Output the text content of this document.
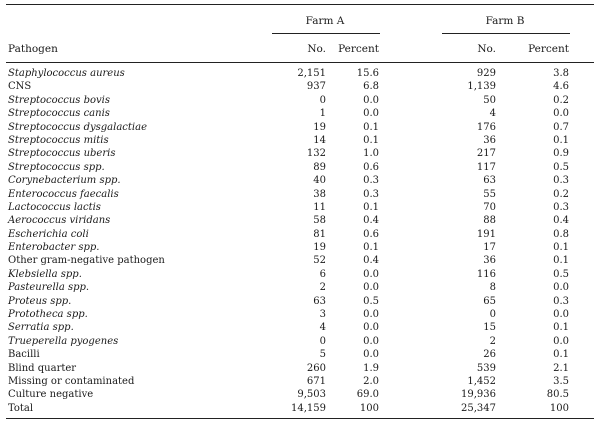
Farm A	Farm B
Pathogen	No.	Percent	No.	Percent
Staphylococcus aureus	2,151	15.6	929	3.8
CNS	937	6.8	1,139	4.6
Streptococcus bovis	0	0.0	50	0.2
Streptococcus canis	1	0.0	4	0.0
Streptococcus dysgalactiae	19	0.1	176	0.7
Streptococcus mitis	14	0.1	36	0.1
Streptococcus uberis	132	1.0	217	0.9
Streptococcus spp.	89	0.6	117	0.5
Corynebacterium spp.	40	0.3	63	0.3
Enterococcus faecalis	38	0.3	55	0.2
Lactococcus lactis	11	0.1	70	0.3
Aerococcus viridans	58	0.4	88	0.4
Escherichia coli	81	0.6	191	0.8
Enterobacter spp.	19	0.1	17	0.1
Other gram-negative pathogen	52	0.4	36	0.1
Klebsiella spp.	6	0.0	116	0.5
Pasteurella spp.	2	0.0	8	0.0
Proteus spp.	63	0.5	65	0.3
Prototheca spp.	3	0.0	0	0.0
Serratia spp.	4	0.0	15	0.1
Trueperella pyogenes	0	0.0	2	0.0
Bacilli	5	0.0	26	0.1
Blind quarter	260	1.9	539	2.1
Missing or contaminated	671	2.0	1,452	3.5
Culture negative	9,503	69.0	19,936	80.5
Total	14,159	100	25,347	100
